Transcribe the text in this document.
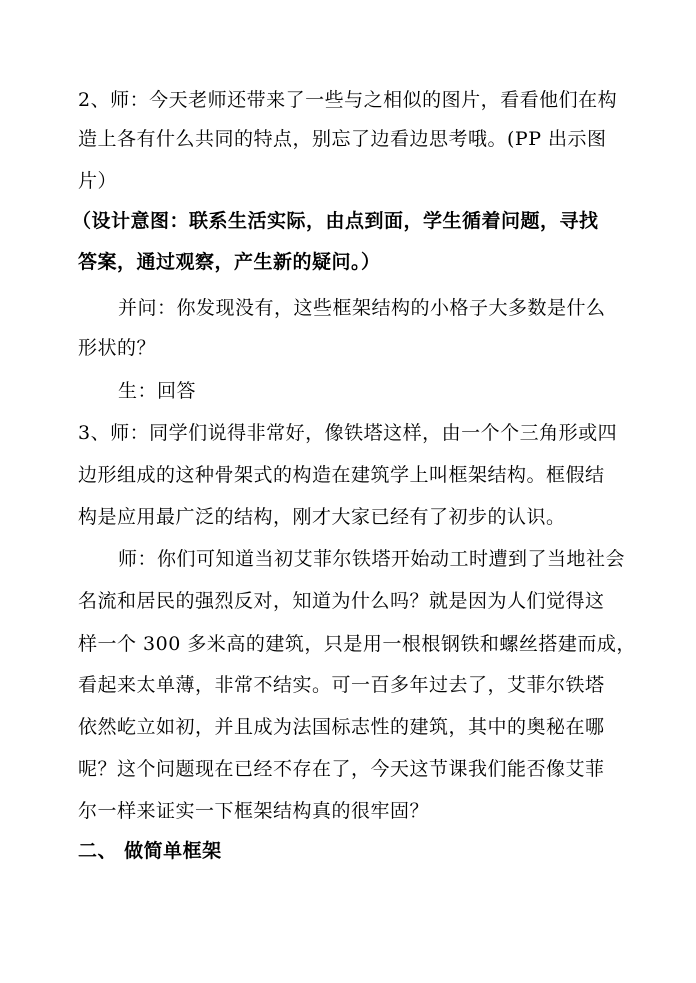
2、师：今天老师还带来了一些与之相似的图片，看看他们在构
造上各有什么共同的特点，别忘了边看边思考哦。(PP 出示图
片）
（设计意图：联系生活实际，由点到面，学生循着问题，寻找
答案，通过观察，产生新的疑问。）
并问：你发现没有，这些框架结构的小格子大多数是什么
形状的？
生：回答
3、师：同学们说得非常好，像铁塔这样，由一个个三角形或四
边形组成的这种骨架式的构造在建筑学上叫框架结构。框假结
构是应用最广泛的结构，刚才大家已经有了初步的认识。
师：你们可知道当初艾菲尔铁塔开始动工时遭到了当地社会
名流和居民的强烈反对，知道为什么吗？就是因为人们觉得这
样一个 300 多米高的建筑，只是用一根根钢铁和螺丝搭建而成，
看起来太单薄，非常不结实。可一百多年过去了，艾菲尔铁塔
依然屹立如初，并且成为法国标志性的建筑，其中的奥秘在哪
呢？这个问题现在已经不存在了，今天这节课我们能否像艾菲
尔一样来证实一下框架结构真的很牢固？
二、 做简单框架
